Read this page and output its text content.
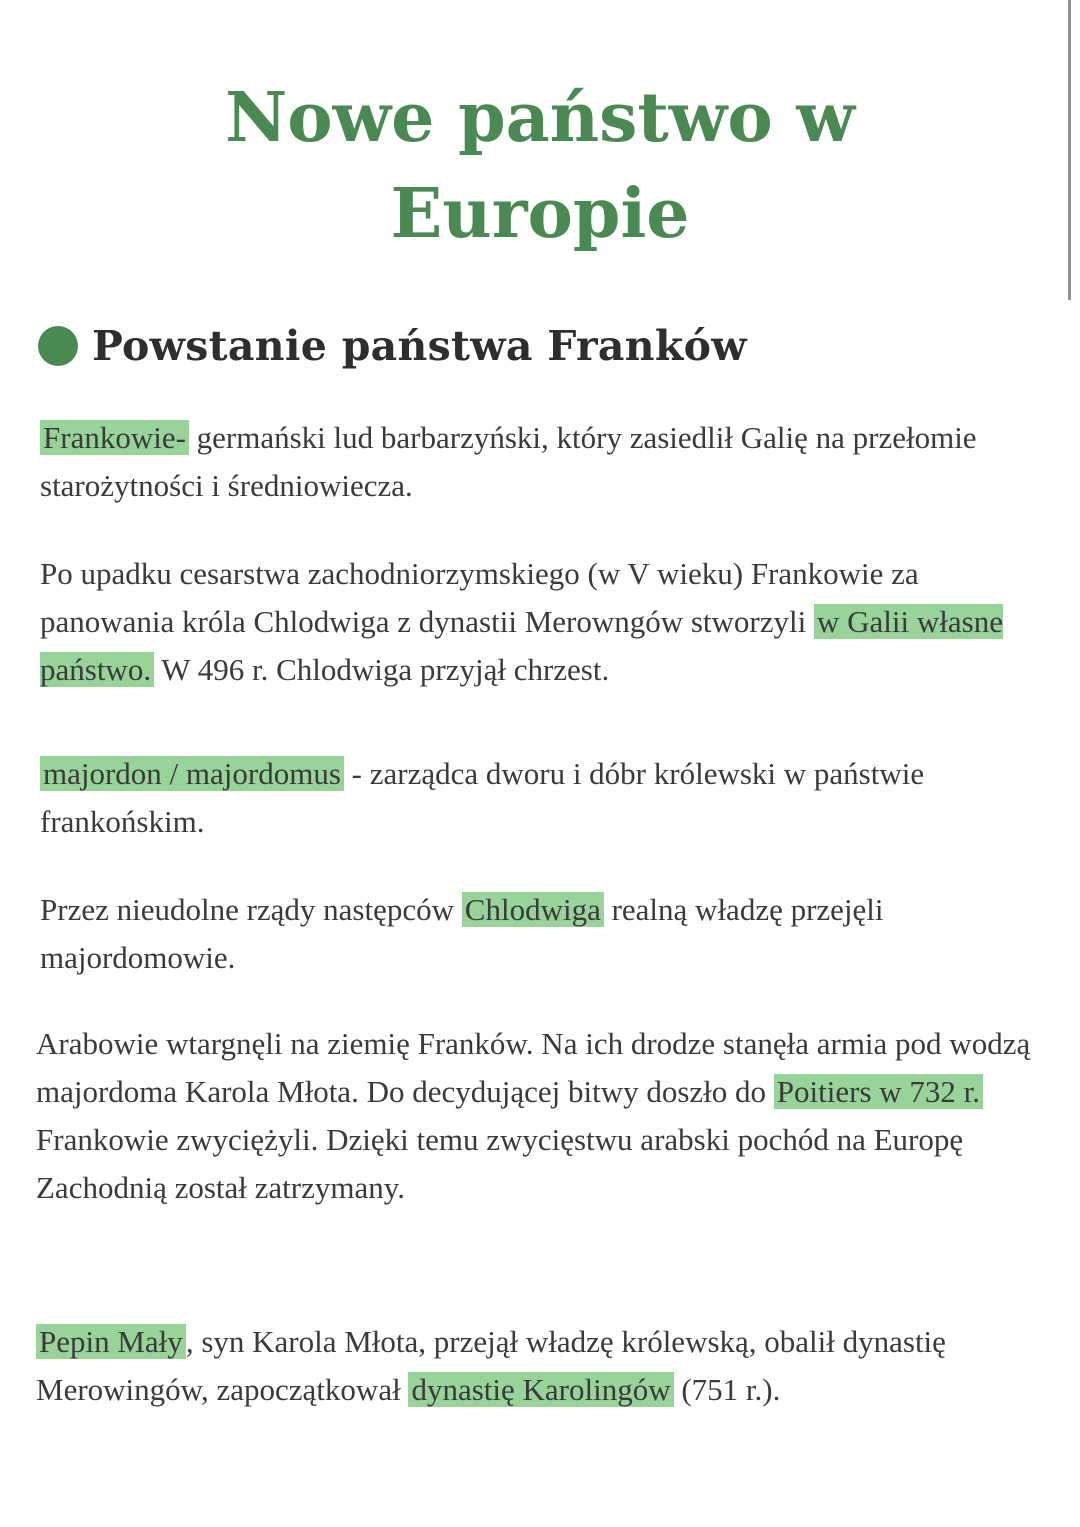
Nowe państwo w
Europie
Powstanie państwa Franków

Frankowie- germański lud barbarzyński, który zasiedlił Galię na przełomie starożytności i średniowiecza.

Po upadku cesarstwa zachodniorzymskiego (w V wieku) Frankowie za panowania króla Chlodwiga z dynastii Merowngów stworzyli w Galii własne państwo. W 496 r. Chlodwiga przyjął chrzest.

majordon / majordomus - zarządca dworu i dóbr królewski w państwie frankońskim.

Przez nieudolne rządy następców Chlodwiga realną władzę przejęli majordomowie.

Arabowie wtargnęli na ziemię Franków. Na ich drodze stanęła armia pod wodzą majordoma Karola Młota. Do decydującej bitwy doszło do Poitiers w 732 r. Frankowie zwyciężyli. Dzięki temu zwycięstwu arabski pochód na Europę Zachodnią został zatrzymany.

Pepin Mały, syn Karola Młota, przejął władzę królewską, obalił dynastię Merowingów, zapoczątkował dynastię Karolingów (751 r.).
